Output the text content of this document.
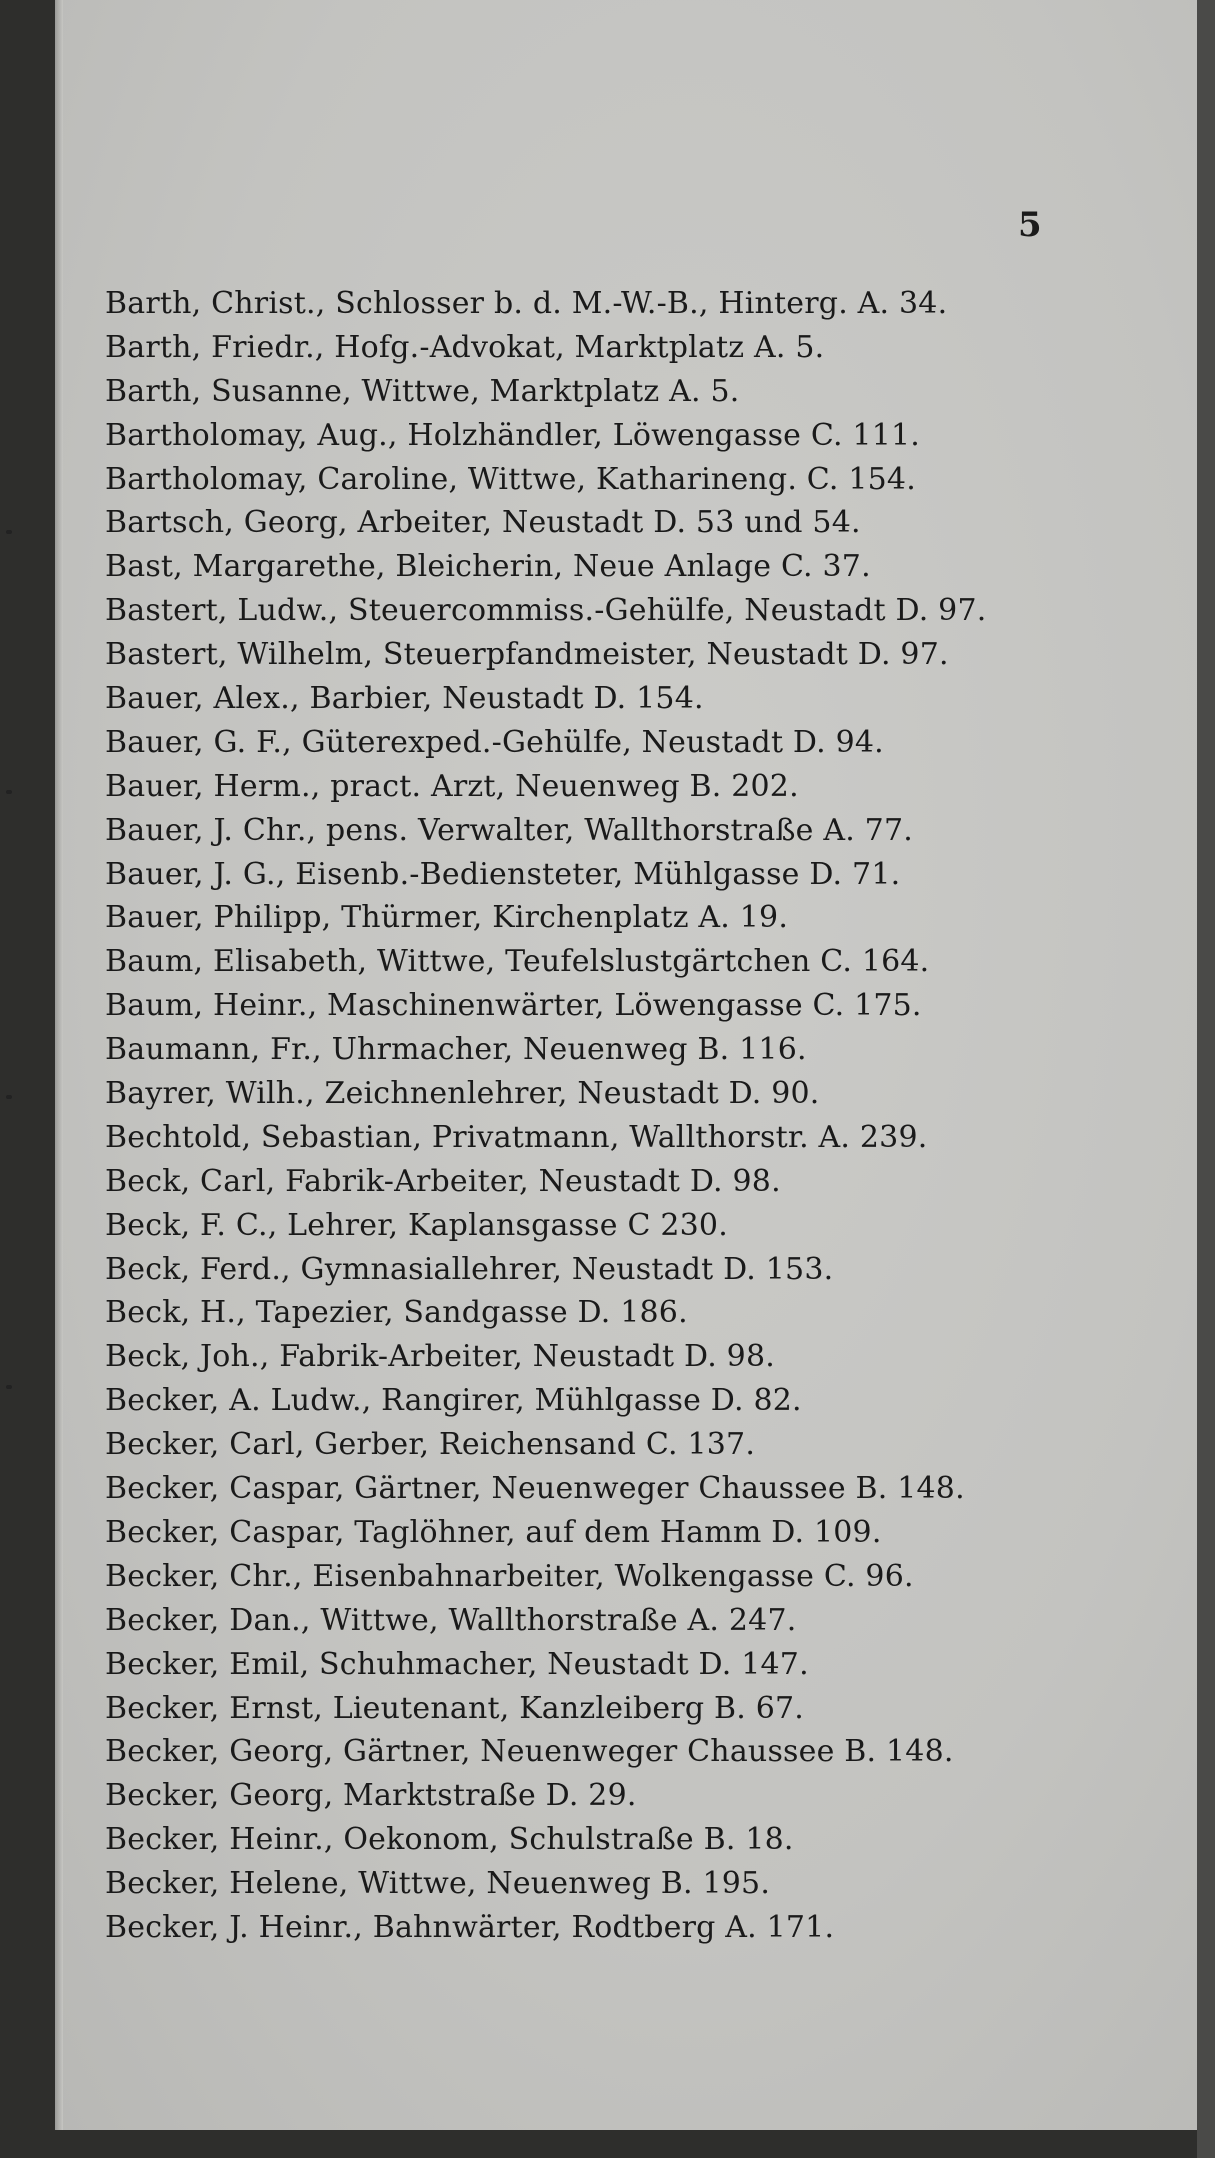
5
Barth, Christ., Schlosser b. d. M.-W.-B., Hinterg. A. 34.
Barth, Friedr., Hofg.-Advokat, Marktplatz A. 5.
Barth, Susanne, Wittwe, Marktplatz A. 5.
Bartholomay, Aug., Holzhändler, Löwengasse C. 111.
Bartholomay, Caroline, Wittwe, Katharineng. C. 154.
Bartsch, Georg, Arbeiter, Neustadt D. 53 und 54.
Bast, Margarethe, Bleicherin, Neue Anlage C. 37.
Bastert, Ludw., Steuercommiss.-Gehülfe, Neustadt D. 97.
Bastert, Wilhelm, Steuerpfandmeister, Neustadt D. 97.
Bauer, Alex., Barbier, Neustadt D. 154.
Bauer, G. F., Güterexped.-Gehülfe, Neustadt D. 94.
Bauer, Herm., pract. Arzt, Neuenweg B. 202.
Bauer, J. Chr., pens. Verwalter, Wallthorstraße A. 77.
Bauer, J. G., Eisenb.-Bediensteter, Mühlgasse D. 71.
Bauer, Philipp, Thürmer, Kirchenplatz A. 19.
Baum, Elisabeth, Wittwe, Teufelslustgärtchen C. 164.
Baum, Heinr., Maschinenwärter, Löwengasse C. 175.
Baumann, Fr., Uhrmacher, Neuenweg B. 116.
Bayrer, Wilh., Zeichnenlehrer, Neustadt D. 90.
Bechtold, Sebastian, Privatmann, Wallthorstr. A. 239.
Beck, Carl, Fabrik-Arbeiter, Neustadt D. 98.
Beck, F. C., Lehrer, Kaplansgasse C 230.
Beck, Ferd., Gymnasiallehrer, Neustadt D. 153.
Beck, H., Tapezier, Sandgasse D. 186.
Beck, Joh., Fabrik-Arbeiter, Neustadt D. 98.
Becker, A. Ludw., Rangirer, Mühlgasse D. 82.
Becker, Carl, Gerber, Reichensand C. 137.
Becker, Caspar, Gärtner, Neuenweger Chaussee B. 148.
Becker, Caspar, Taglöhner, auf dem Hamm D. 109.
Becker, Chr., Eisenbahnarbeiter, Wolkengasse C. 96.
Becker, Dan., Wittwe, Wallthorstraße A. 247.
Becker, Emil, Schuhmacher, Neustadt D. 147.
Becker, Ernst, Lieutenant, Kanzleiberg B. 67.
Becker, Georg, Gärtner, Neuenweger Chaussee B. 148.
Becker, Georg, Marktstraße D. 29.
Becker, Heinr., Oekonom, Schulstraße B. 18.
Becker, Helene, Wittwe, Neuenweg B. 195.
Becker, J. Heinr., Bahnwärter, Rodtberg A. 171.
